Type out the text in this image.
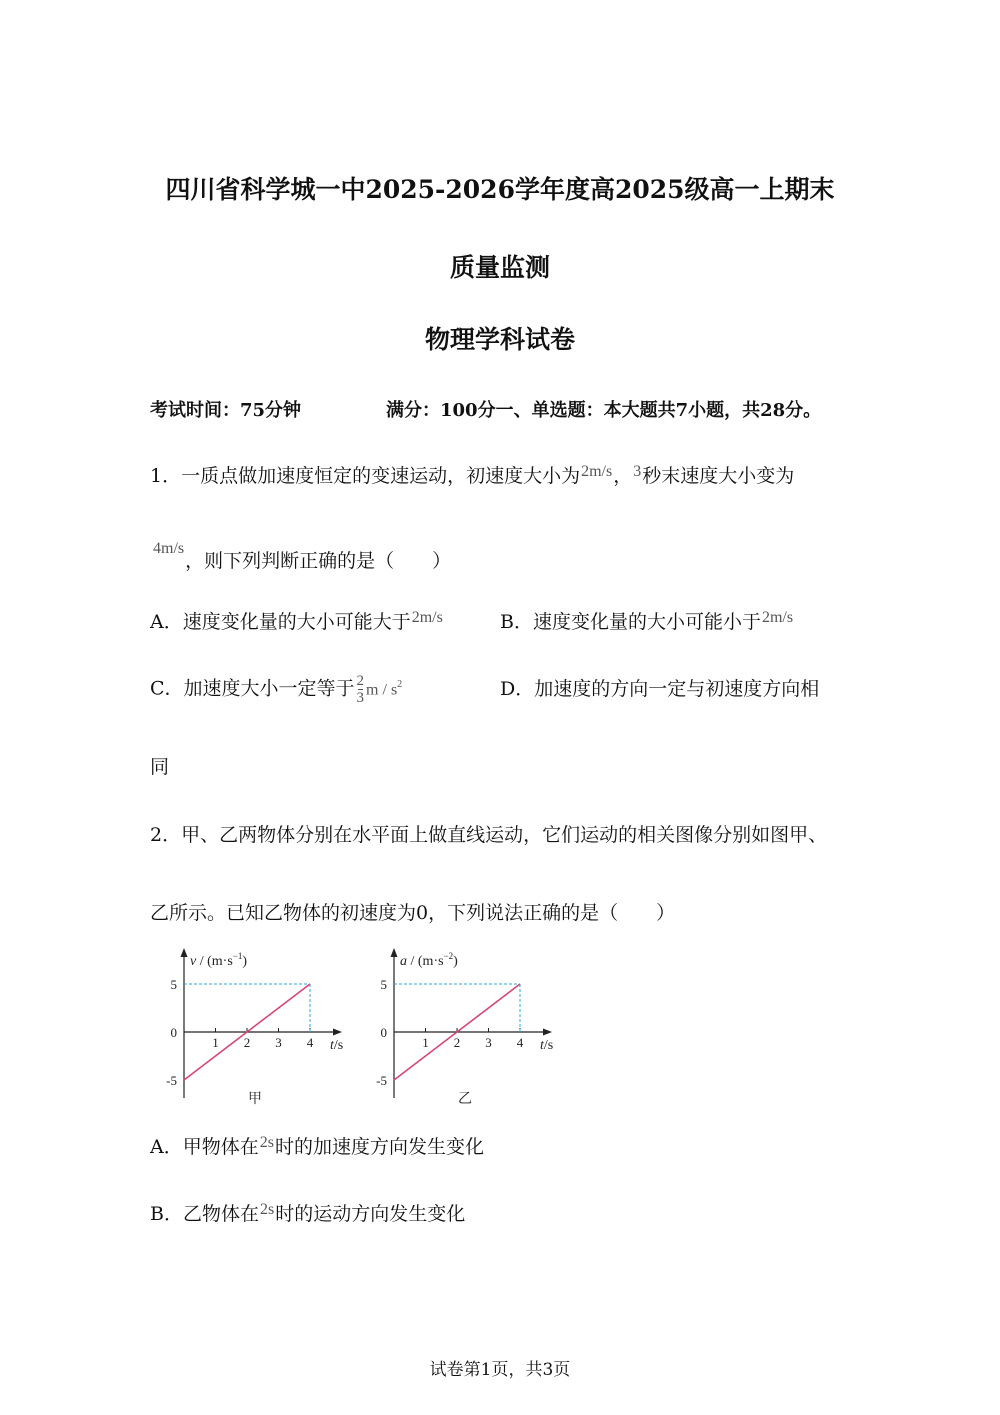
四川省科学城一中2025-2026学年度高2025级高一上期末
质量监测
物理学科试卷
考试时间：75分钟	满分：100分一、单选题：本大题共7小题，共28分。
1．一质点做加速度恒定的变速运动，初速度大小为$^{2m/s}$，$^3$秒末速度大小变为
$^{4m/s}$，则下列判断正确的是（　　）
A．速度变化量的大小可能大于$^{2m/s}$	B．速度变化量的大小可能小于$^{2m/s}$
C．加速度大小一定等于 $\frac{2}{3}$ m / $s^2$	D．加速度的方向一定与初速度方向相
同
2．甲、乙两物体分别在水平面上做直线运动，它们运动的相关图像分别如图甲、
乙所示。已知乙物体的初速度为0，下列说法正确的是（　　）
$v / (m\cdot s^{-1})$
t/s
1 2 3 4
5
0
-5
甲
$a / (m\cdot s^{-2})$
t/s
1 2 3 4
5
0
-5
乙
A．甲物体在$^{2s}$时的加速度方向发生变化
B．乙物体在$^{2s}$时的运动方向发生变化
试卷第1页，共3页
